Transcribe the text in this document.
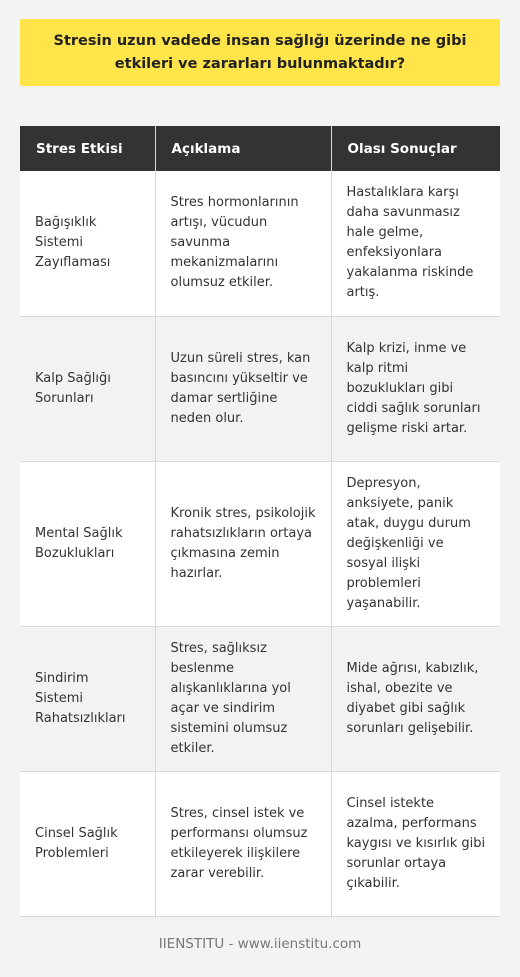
Stresin uzun vadede insan sağlığı üzerinde ne gibi etkileri ve zararları bulunmaktadır?
Stres Etkisi	Açıklama	Olası Sonuçlar
Bağışıklık Sistemi Zayıflaması	Stres hormonlarının artışı, vücudun savunma mekanizmalarını olumsuz etkiler.	Hastalıklara karşı daha savunmasız hale gelme, enfeksiyonlara yakalanma riskinde artış.
Kalp Sağlığı Sorunları	Uzun süreli stres, kan basıncını yükseltir ve damar sertliğine neden olur.	Kalp krizi, inme ve kalp ritmi bozuklukları gibi ciddi sağlık sorunları gelişme riski artar.
Mental Sağlık Bozuklukları	Kronik stres, psikolojik rahatsızlıkların ortaya çıkmasına zemin hazırlar.	Depresyon, anksiyete, panik atak, duygu durum değişkenliği ve sosyal ilişki problemleri yaşanabilir.
Sindirim Sistemi Rahatsızlıkları	Stres, sağlıksız beslenme alışkanlıklarına yol açar ve sindirim sistemini olumsuz etkiler.	Mide ağrısı, kabızlık, ishal, obezite ve diyabet gibi sağlık sorunları gelişebilir.
Cinsel Sağlık Problemleri	Stres, cinsel istek ve performansı olumsuz etkileyerek ilişkilere zarar verebilir.	Cinsel istekte azalma, performans kaygısı ve kısırlık gibi sorunlar ortaya çıkabilir.
IIENSTITU - www.iienstitu.com
